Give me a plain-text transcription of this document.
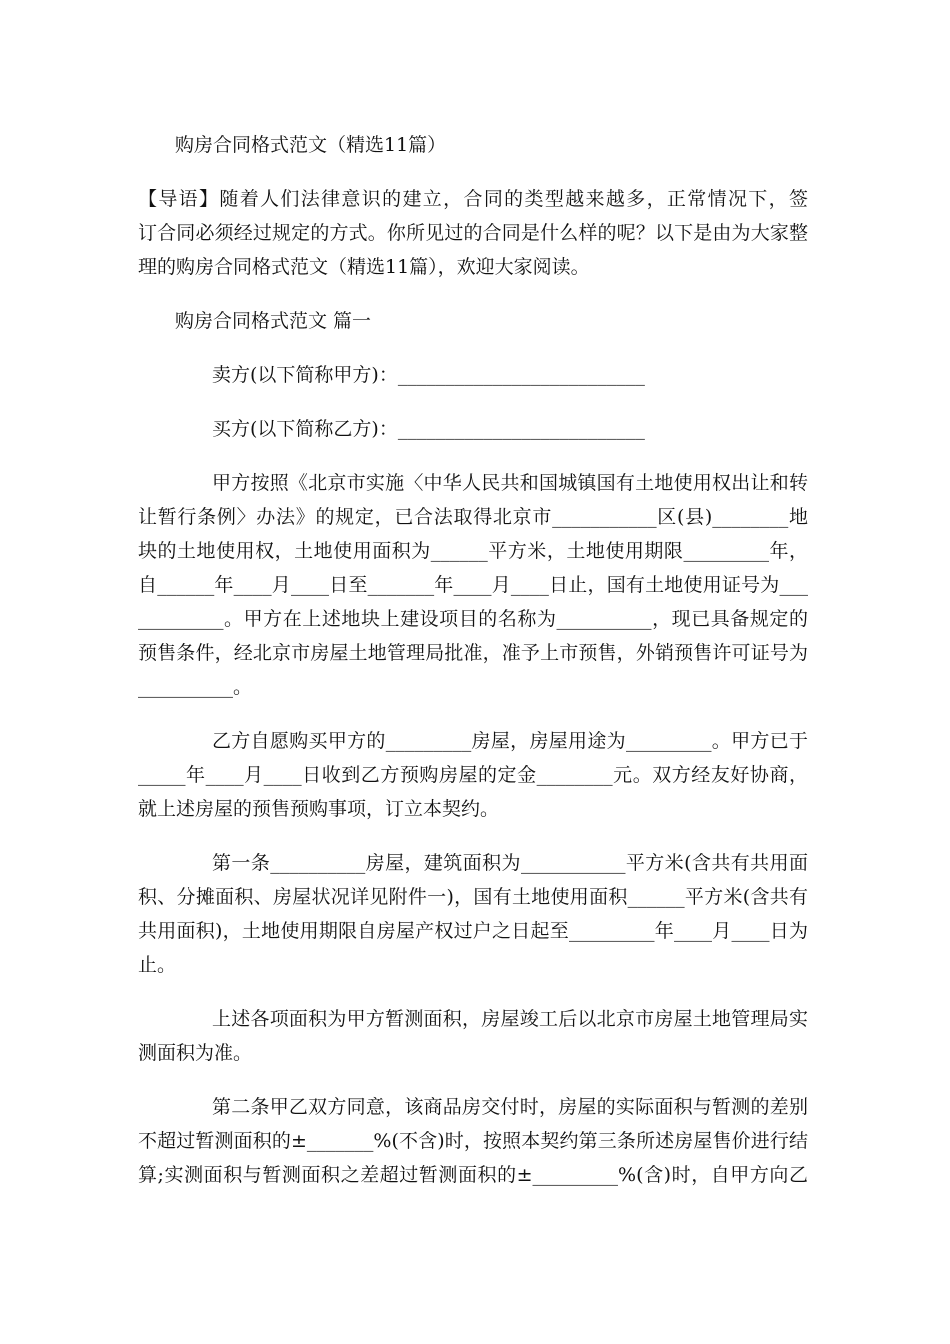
购房合同格式范文（精选11篇）
【导语】随着人们法律意识的建立，合同的类型越来越多，正常情况下，签
订合同必须经过规定的方式。你所见过的合同是什么样的呢？以下是由为大家整
理的购房合同格式范文（精选11篇），欢迎大家阅读。
购房合同格式范文 篇一
卖方(以下简称甲方)：__________________________
买方(以下简称乙方)：__________________________
甲方按照《北京市实施〈中华人民共和国城镇国有土地使用权出让和转
让暂行条例〉办法》的规定，已合法取得北京市___________区(县)________地
块的土地使用权，土地使用面积为______平方米，土地使用期限_________年，
自______年____月____日至_______年____月____日止，国有土地使用证号为___
_________。甲方在上述地块上建设项目的名称为__________，现已具备规定的
预售条件，经北京市房屋土地管理局批准，准予上市预售，外销预售许可证号为
__________。
乙方自愿购买甲方的_________房屋，房屋用途为_________。甲方已于
_____年____月____日收到乙方预购房屋的定金________元。双方经友好协商，
就上述房屋的预售预购事项，订立本契约。
第一条__________房屋，建筑面积为___________平方米(含共有共用面
积、分摊面积、房屋状况详见附件一)，国有土地使用面积______平方米(含共有
共用面积)，土地使用期限自房屋产权过户之日起至_________年____月____日为
止。
上述各项面积为甲方暂测面积，房屋竣工后以北京市房屋土地管理局实
测面积为准。
第二条甲乙双方同意，该商品房交付时，房屋的实际面积与暂测的差别
不超过暂测面积的±_______%(不含)时，按照本契约第三条所述房屋售价进行结
算;实测面积与暂测面积之差超过暂测面积的±_________%(含)时，自甲方向乙
